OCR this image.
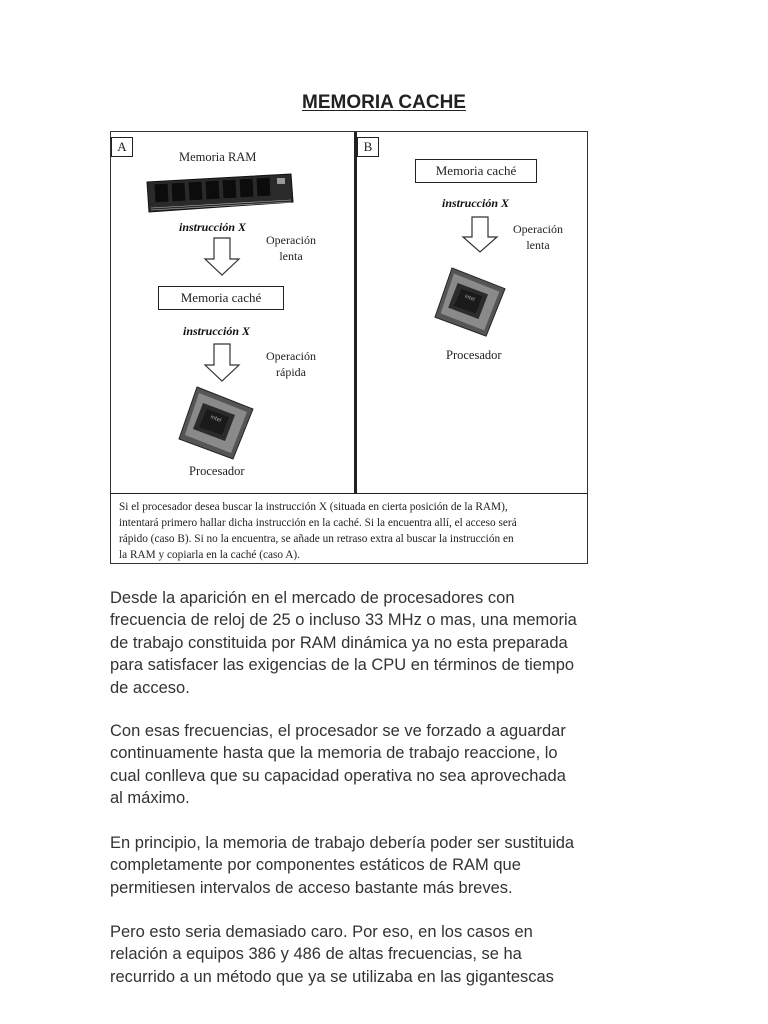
MEMORIA CACHE
A
Memoria RAM
instrucción X
Operación
lenta
Memoria caché
instrucción X
Operación
rápida
intel
Procesador
B
Memoria caché
instrucción X
Operación
lenta
intel
Procesador
Si el procesador desea buscar la instrucción X (situada en cierta posición de la RAM),
intentará primero hallar dicha instrucción en la caché. Si la encuentra allí, el acceso será
rápido (caso B). Si no la encuentra, se añade un retraso extra al buscar la instrucción en
la RAM y copiarla en la caché (caso A).
Desde la aparición en el mercado de procesadores con
frecuencia de reloj de 25 o incluso 33 MHz o mas, una memoria
de trabajo constituida por RAM dinámica ya no esta preparada
para satisfacer las exigencias de la CPU en términos de tiempo
de acceso.
Con esas frecuencias, el procesador se ve forzado a aguardar
continuamente hasta que la memoria de trabajo reaccione, lo
cual conlleva que su capacidad operativa no sea aprovechada
al máximo.
En principio, la memoria de trabajo debería poder ser sustituida
completamente por componentes estáticos de RAM que
permitiesen intervalos de acceso bastante más breves.
Pero esto seria demasiado caro. Por eso, en los casos en
relación a equipos 386 y 486 de altas frecuencias, se ha
recurrido a un método que ya se utilizaba en las gigantescas
